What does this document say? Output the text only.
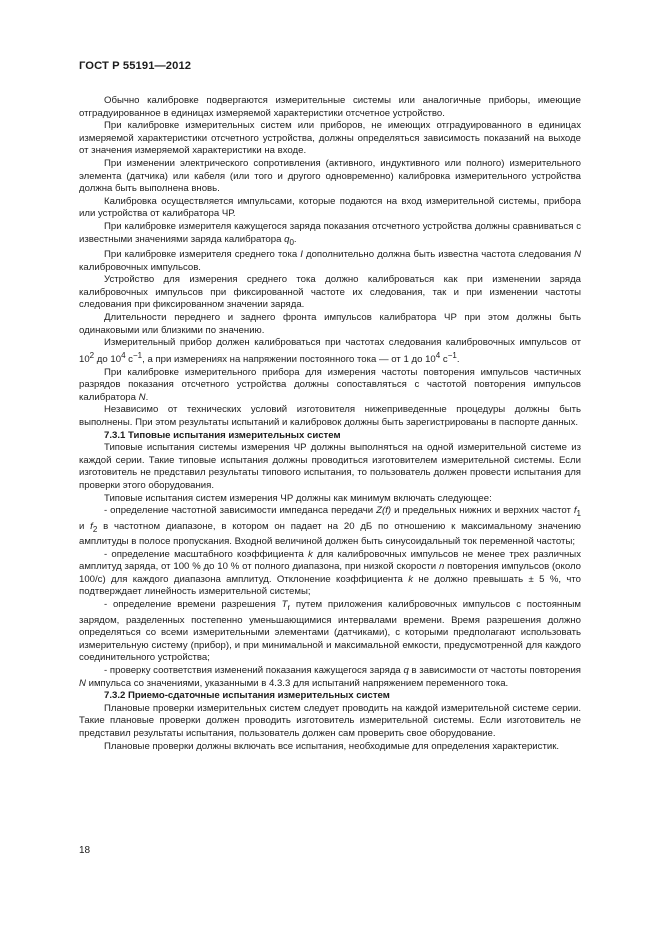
ГОСТ Р 55191—2012

Обычно калибровке подвергаются измерительные системы или аналогичные приборы, имеющие отградуированное в единицах измеряемой характеристики отсчетное устройство.

При калибровке измерительных систем или приборов, не имеющих отградуированного в единицах измеряемой характеристики отсчетного устройства, должны определяться зависимость показаний на выходе от значения измеряемой характеристики на входе.

При изменении электрического сопротивления (активного, индуктивного или полного) измерительного элемента (датчика) или кабеля (или того и другого одновременно) калибровка измерительного устройства должна быть выполнена вновь.

Калибровка осуществляется импульсами, которые подаются на вход измерительной системы, прибора или устройства от калибратора ЧР.

При калибровке измерителя кажущегося заряда показания отсчетного устройства должны сравниваться с известными значениями заряда калибратора $q_0$.

При калибровке измерителя среднего тока I дополнительно должна быть известна частота следования N калибровочных импульсов.

Устройство для измерения среднего тока должно калиброваться как при изменении заряда калибровочных импульсов при фиксированной частоте их следования, так и при изменении частоты следования при фиксированном значении заряда.

Длительности переднего и заднего фронта импульсов калибратора ЧР при этом должны быть одинаковыми или близкими по значению.

Измерительный прибор должен калиброваться при частотах следования калибровочных импульсов от $10^2$ до $10^4$ $с^{-1}$, а при измерениях на напряжении постоянного тока — от 1 до $10^4$ $с^{-1}$.

При калибровке измерительного прибора для измерения частоты повторения импульсов частичных разрядов показания отсчетного устройства должны сопоставляться с частотой повторения импульсов калибратора N.

Независимо от технических условий изготовителя нижеприведенные процедуры должны быть выполнены. При этом результаты испытаний и калибровок должны быть зарегистрированы в паспорте данных.

7.3.1 Типовые испытания измерительных систем

Типовые испытания системы измерения ЧР должны выполняться на одной измерительной системе из каждой серии. Такие типовые испытания должны проводиться изготовителем измерительной системы. Если изготовитель не представил результаты типового испытания, то пользователь должен провести испытания для проверки этого оборудования.

Типовые испытания систем измерения ЧР должны как минимум включать следующее:

- определение частотной зависимости импеданса передачи Z(f) и предельных нижних и верхних частот $f_1$ и $f_2$ в частотном диапазоне, в котором он падает на 20 дБ по отношению к максимальному значению амплитуды в полосе пропускания. Входной величиной должен быть синусоидальный ток переменной частоты;

- определение масштабного коэффициента k для калибровочных импульсов не менее трех различных амплитуд заряда, от 100 % до 10 % от полного диапазона, при низкой скорости n повторения импульсов (около 100/с) для каждого диапазона амплитуд. Отклонение коэффициента k не должно превышать ± 5 %, что подтверждает линейность измерительной системы;

- определение времени разрешения $T_r$ путем приложения калибровочных импульсов с постоянным зарядом, разделенных постепенно уменьшающимися интервалами времени. Время разрешения должно определяться со всеми измерительными элементами (датчиками), с которыми предполагают использовать измерительную систему (прибор), и при минимальной и максимальной емкости, предусмотренной для каждого соединительного устройства;

- проверку соответствия изменений показания кажущегося заряда q в зависимости от частоты повторения N импульса со значениями, указанными в 4.3.3 для испытаний напряжением переменного тока.

7.3.2 Приемо-сдаточные испытания измерительных систем

Плановые проверки измерительных систем следует проводить на каждой измерительной системе серии. Такие плановые проверки должен проводить изготовитель измерительной системы. Если изготовитель не представил результаты испытания, пользователь должен сам проверить свое оборудование.

Плановые проверки должны включать все испытания, необходимые для определения характеристик.

18
